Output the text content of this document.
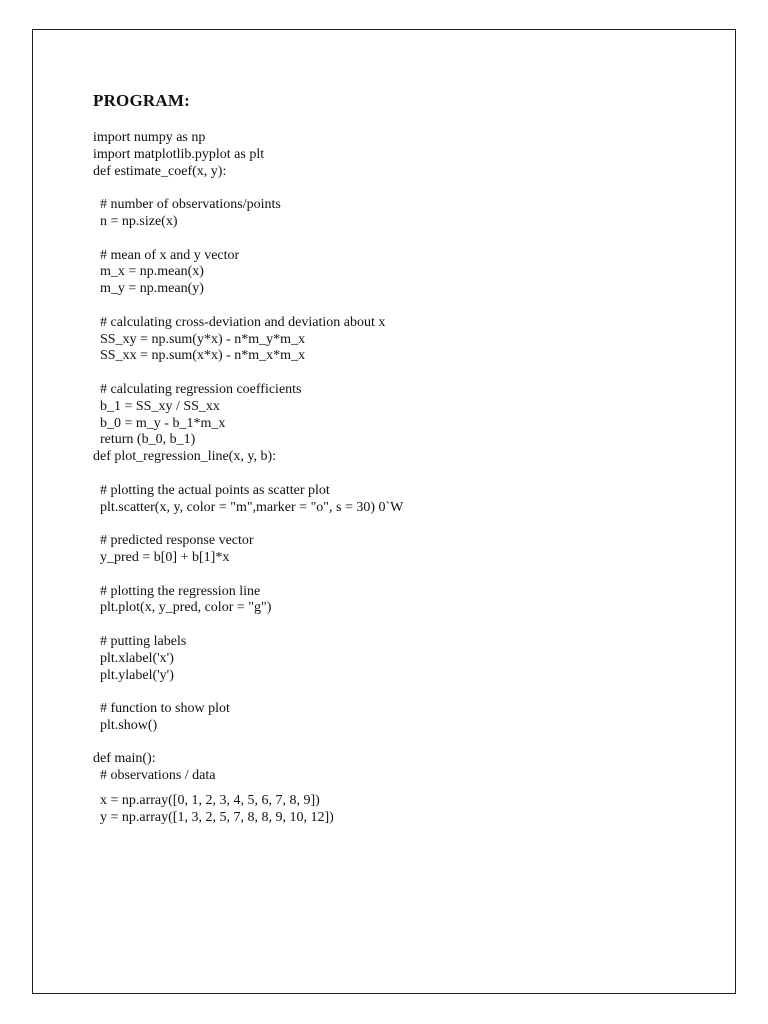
PROGRAM:
import numpy as np
import matplotlib.pyplot as plt
def estimate_coef(x, y):
# number of observations/points
n = np.size(x)
# mean of x and y vector
m_x = np.mean(x)
m_y = np.mean(y)
# calculating cross-deviation and deviation about x
SS_xy = np.sum(y*x) - n*m_y*m_x
SS_xx = np.sum(x*x) - n*m_x*m_x
# calculating regression coefficients
b_1 = SS_xy / SS_xx
b_0 = m_y - b_1*m_x
return (b_0, b_1)
def plot_regression_line(x, y, b):
# plotting the actual points as scatter plot
plt.scatter(x, y, color = "m",marker = "o", s = 30) 0`W
# predicted response vector
y_pred = b[0] + b[1]*x
# plotting the regression line
plt.plot(x, y_pred, color = "g")
# putting labels
plt.xlabel('x')
plt.ylabel('y')
# function to show plot
plt.show()
def main():
# observations / data
x = np.array([0, 1, 2, 3, 4, 5, 6, 7, 8, 9])
y = np.array([1, 3, 2, 5, 7, 8, 8, 9, 10, 12])
